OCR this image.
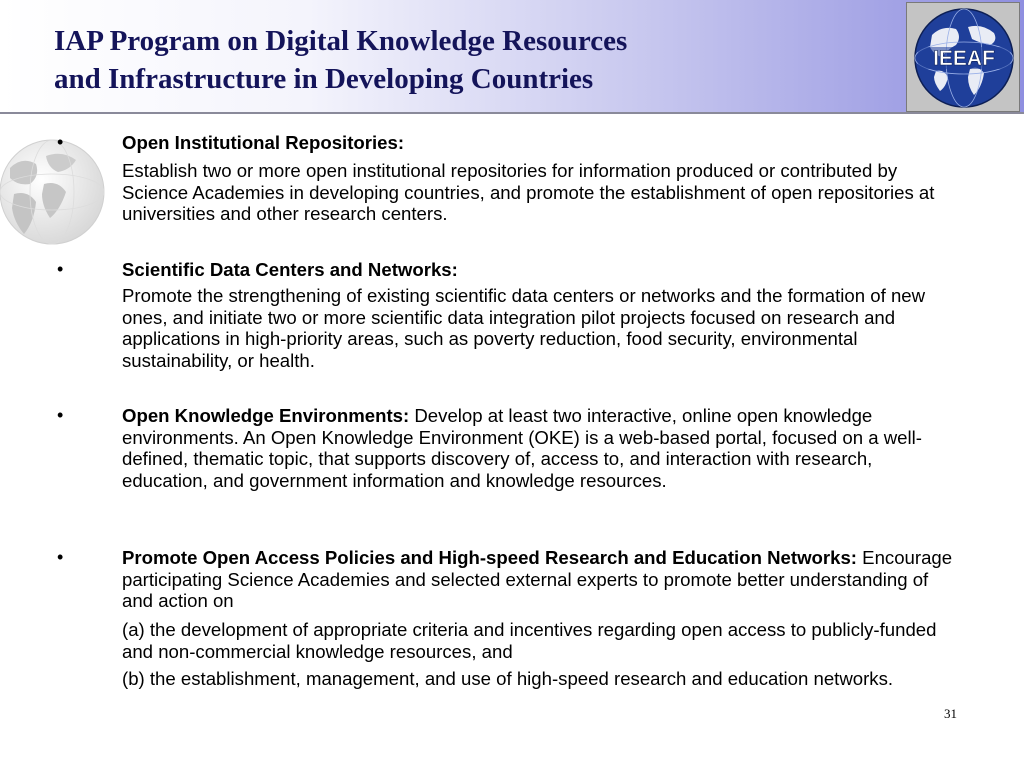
IAP Program on Digital Knowledge Resources
and Infrastructure in Developing Countries
IEEAF
•	Open Institutional Repositories:

Establish two or more open institutional repositories for information produced or contributed by Science Academies in developing countries, and promote the establishment of open repositories at universities and other research centers.

•	Scientific Data Centers and Networks:

Promote the strengthening of existing scientific data centers or networks and the formation of new ones, and initiate two or more scientific data integration pilot projects focused on research and applications in high-priority areas, such as poverty reduction, food security, environmental sustainability, or health.

•	Open Knowledge Environments: Develop at least two interactive, online open knowledge environments. An Open Knowledge Environment (OKE) is a web-based portal, focused on a well-defined, thematic topic, that supports discovery of, access to, and interaction with research, education, and government information and knowledge resources.

•	Promote Open Access Policies and High-speed Research and Education Networks: Encourage participating Science Academies and selected external experts to promote better understanding of and action on

(a) the development of appropriate criteria and incentives regarding open access to publicly-funded and non-commercial knowledge resources, and

(b) the establishment, management, and use of high-speed research and education networks.

31
